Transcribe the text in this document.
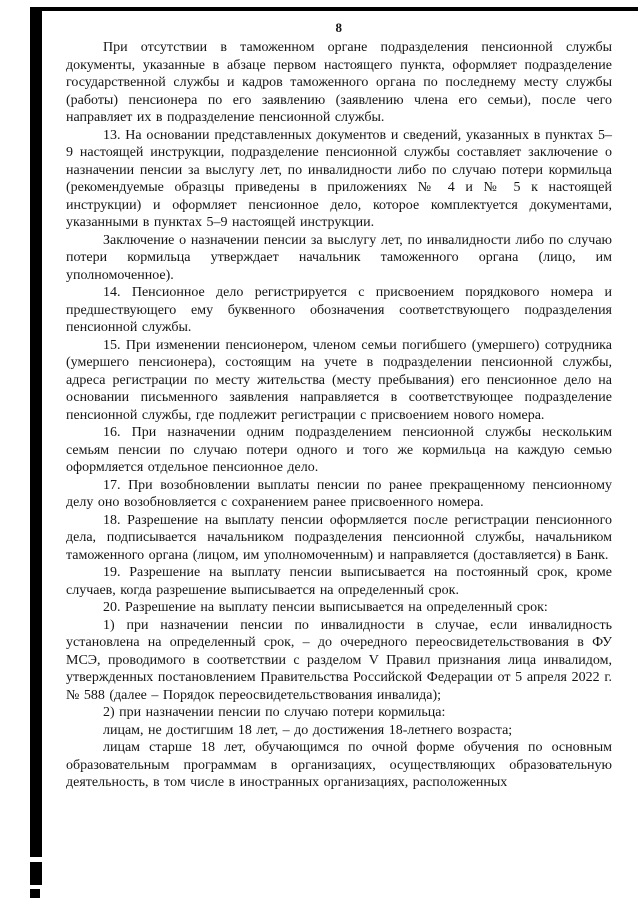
8

При отсутствии в таможенном органе подразделения пенсионной службы документы, указанные в абзаце первом настоящего пункта, оформляет подразделение государственной службы и кадров таможенного органа по последнему месту службы (работы) пенсионера по его заявлению (заявлению члена его семьи), после чего направляет их в подразделение пенсионной службы.

13. На основании представленных документов и сведений, указанных в пунктах 5–9 настоящей инструкции, подразделение пенсионной службы составляет заключение о назначении пенсии за выслугу лет, по инвалидности либо по случаю потери кормильца (рекомендуемые образцы приведены в приложениях № 4 и № 5 к настоящей инструкции) и оформляет пенсионное дело, которое комплектуется документами, указанными в пунктах 5–9 настоящей инструкции.

Заключение о назначении пенсии за выслугу лет, по инвалидности либо по случаю потери кормильца утверждает начальник таможенного органа (лицо, им уполномоченное).

14. Пенсионное дело регистрируется с присвоением порядкового номера и предшествующего ему буквенного обозначения соответствующего подразделения пенсионной службы.

15. При изменении пенсионером, членом семьи погибшего (умершего) сотрудника (умершего пенсионера), состоящим на учете в подразделении пенсионной службы, адреса регистрации по месту жительства (месту пребывания) его пенсионное дело на основании письменного заявления направляется в соответствующее подразделение пенсионной службы, где подлежит регистрации с присвоением нового номера.

16. При назначении одним подразделением пенсионной службы нескольким семьям пенсии по случаю потери одного и того же кормильца на каждую семью оформляется отдельное пенсионное дело.

17. При возобновлении выплаты пенсии по ранее прекращенному пенсионному делу оно возобновляется с сохранением ранее присвоенного номера.

18. Разрешение на выплату пенсии оформляется после регистрации пенсионного дела, подписывается начальником подразделения пенсионной службы, начальником таможенного органа (лицом, им уполномоченным) и направляется (доставляется) в Банк.

19. Разрешение на выплату пенсии выписывается на постоянный срок, кроме случаев, когда разрешение выписывается на определенный срок.

20. Разрешение на выплату пенсии выписывается на определенный срок:

1) при назначении пенсии по инвалидности в случае, если инвалидность установлена на определенный срок, – до очередного переосвидетельствования в ФУ МСЭ, проводимого в соответствии с разделом V Правил признания лица инвалидом, утвержденных постановлением Правительства Российской Федерации от 5 апреля 2022 г. № 588 (далее – Порядок переосвидетельствования инвалида);

2) при назначении пенсии по случаю потери кормильца:

лицам, не достигшим 18 лет, – до достижения 18-летнего возраста;

лицам старше 18 лет, обучающимся по очной форме обучения по основным образовательным программам в организациях, осуществляющих образовательную деятельность, в том числе в иностранных организациях, расположенных
